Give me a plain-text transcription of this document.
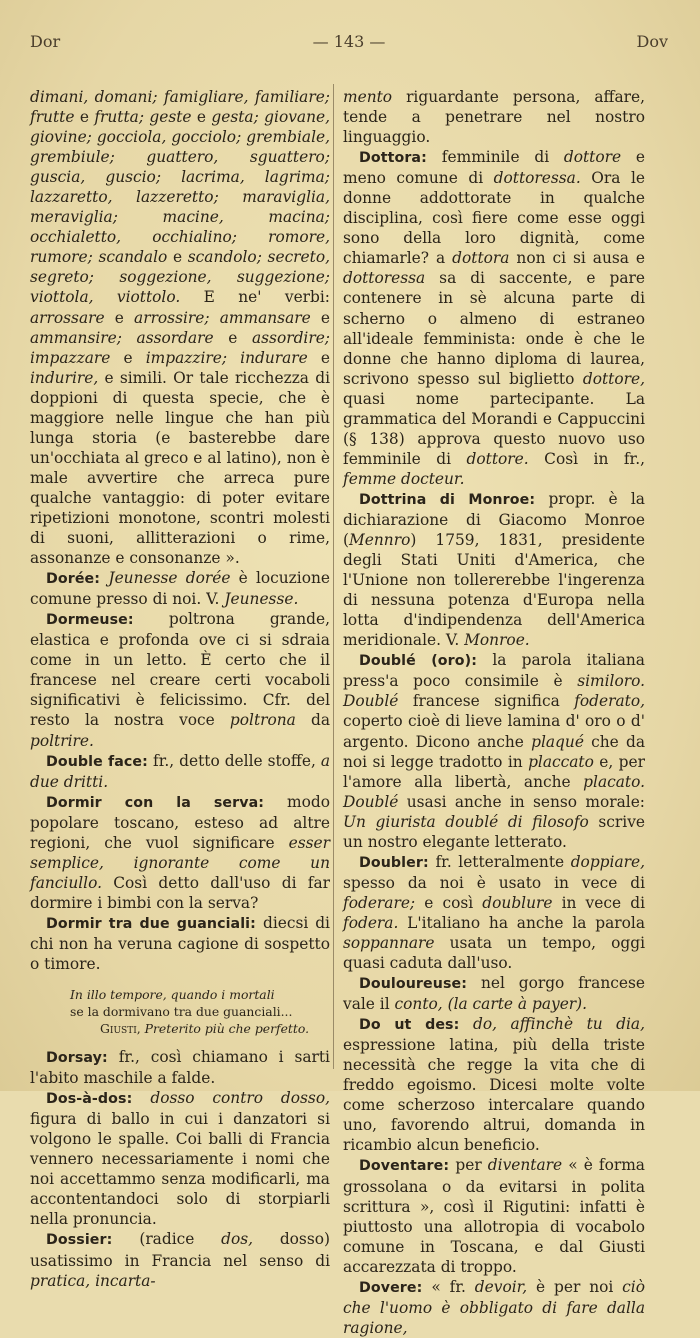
Dor	— 143 —	Dov

dimani, domani; famigliare, familiare; frutte e frutta; geste e gesta; giovane, giovine; gocciola, gocciolo; grembiale, grembiule; guattero, sguattero; guscia, guscio; lacrima, lagrima; lazzaretto, lazzeretto; maraviglia, meraviglia; macine, macina; occhialetto, occhialino; romore, rumore; scandalo e scandolo; secreto, segreto; soggezione, suggezione; viottola, viottolo. E ne' verbi: arrossare e arrossire; ammansare e ammansire; assordare e assordire; impazzare e impazzire; indurare e indurire, e simili. Or tale ricchezza di doppioni di questa specie, che è maggiore nelle lingue che han più lunga storia (e basterebbe dare un'occhiata al greco e al latino), non è male avvertire che arreca pure qualche vantaggio: di poter evitare ripetizioni monotone, scontri molesti di suoni, allitterazioni o rime, assonanze e consonanze ».

Dorée: Jeunesse dorée è locuzione comune presso di noi. V. Jeunesse.

Dormeuse: poltrona grande, elastica e profonda ove ci si sdraia come in un letto. È certo che il francese nel creare certi vocaboli significativi è felicissimo. Cfr. del resto la nostra voce poltrona da poltrire.

Double face: fr., detto delle stoffe, a due dritti.

Dormir con la serva: modo popolare toscano, esteso ad altre regioni, che vuol significare esser semplice, ignorante come un fanciullo. Così detto dall'uso di far dormire i bimbi con la serva?

Dormir tra due guanciali: diecsi di chi non ha veruna cagione di sospetto o timore.

In illo tempore, quando i mortali
se la dormivano tra due guanciali...

Giusti, Preterito più che perfetto.

Dorsay: fr., così chiamano i sarti l'abito maschile a falde.

Dos-à-dos: dosso contro dosso, figura di ballo in cui i danzatori si volgono le spalle. Coi balli di Francia vennero necessariamente i nomi che noi accettammo senza modificarli, ma accontentandoci solo di storpiarli nella pronuncia.

Dossier: (radice dos, dosso) usatissimo in Francia nel senso di pratica, incarta-

mento riguardante persona, affare, tende a penetrare nel nostro linguaggio.

Dottora: femminile di dottore e meno comune di dottoressa. Ora le donne addottorate in qualche disciplina, così fiere come esse oggi sono della loro dignità, come chiamarle? a dottora non ci si ausa e dottoressa sa di saccente, e pare contenere in sè alcuna parte di scherno o almeno di estraneo all'ideale femminista: onde è che le donne che hanno diploma di laurea, scrivono spesso sul biglietto dottore, quasi nome partecipante. La grammatica del Morandi e Cappuccini (§ 138) approva questo nuovo uso femminile di dottore. Così in fr., femme docteur.

Dottrina di Monroe: propr. è la dichiarazione di Giacomo Monroe (Mennro) 1759, 1831, presidente degli Stati Uniti d'America, che l'Unione non tollererebbe l'ingerenza di nessuna potenza d'Europa nella lotta d'indipendenza dell'America meridionale. V. Monroe.

Doublé (oro): la parola italiana press'a poco consimile è similoro. Doublé francese significa foderato, coperto cioè di lieve lamina d' oro o d' argento. Dicono anche plaqué che da noi si legge tradotto in placcato e, per l'amore alla libertà, anche placato. Doublé usasi anche in senso morale: Un giurista doublé di filosofo scrive un nostro elegante letterato.

Doubler: fr. letteralmente doppiare, spesso da noi è usato in vece di foderare; e così doublure in vece di fodera. L'italiano ha anche la parola soppannare usata un tempo, oggi quasi caduta dall'uso.

Douloureuse: nel gorgo francese vale il conto, (la carte à payer).

Do ut des: do, affinchè tu dia, espressione latina, più della triste necessità che regge la vita che di freddo egoismo. Dicesi molte volte come scherzoso intercalare quando uno, favorendo altrui, domanda in ricambio alcun beneficio.

Doventare: per diventare « è forma grossolana o da evitarsi in polita scrittura », così il Rigutini: infatti è piuttosto una allotropia di vocabolo comune in Toscana, e dal Giusti accarezzata di troppo.

Dovere: « fr. devoir, è per noi ciò che l'uomo è obbligato di fare dalla ragione,
